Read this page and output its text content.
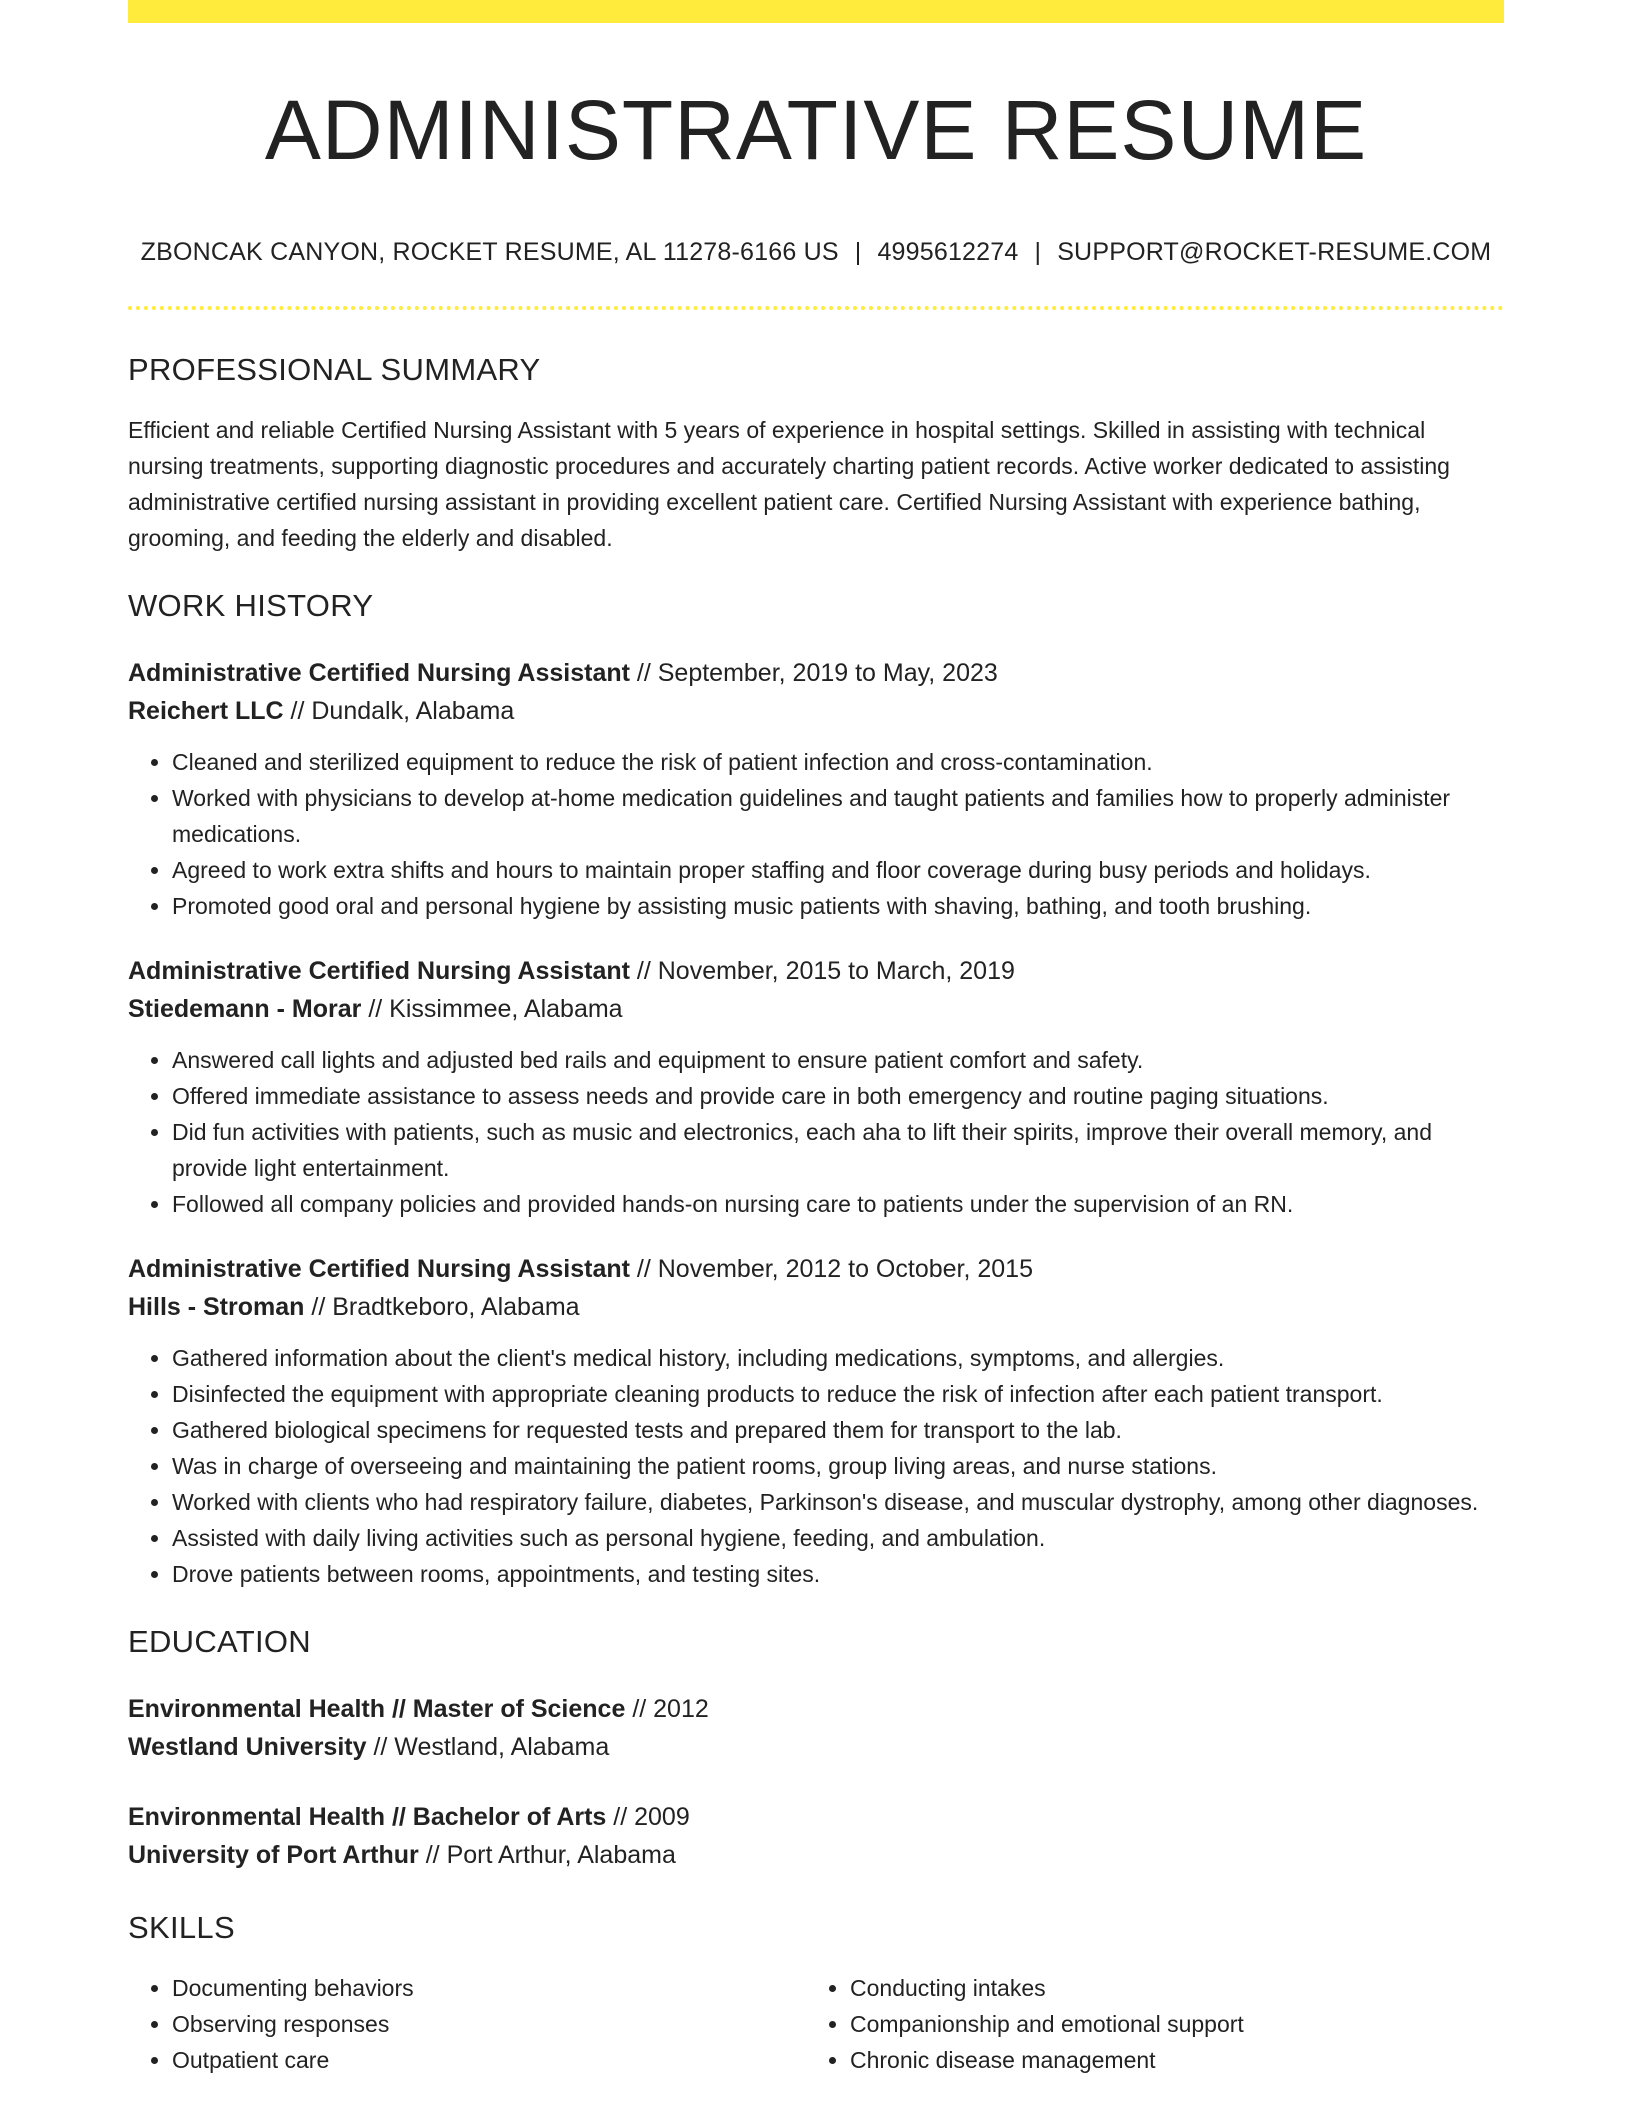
ADMINISTRATIVE RESUME
ZBONCAK CANYON, ROCKET RESUME, AL 11278-6166 US | 4995612274 | SUPPORT@ROCKET-RESUME.COM
PROFESSIONAL SUMMARY
Efficient and reliable Certified Nursing Assistant with 5 years of experience in hospital settings. Skilled in assisting with technical nursing treatments, supporting diagnostic procedures and accurately charting patient records. Active worker dedicated to assisting administrative certified nursing assistant in providing excellent patient care. Certified Nursing Assistant with experience bathing, grooming, and feeding the elderly and disabled.
WORK HISTORY
Administrative Certified Nursing Assistant // September, 2019 to May, 2023
Reichert LLC // Dundalk, Alabama
• Cleaned and sterilized equipment to reduce the risk of patient infection and cross-contamination.
• Worked with physicians to develop at-home medication guidelines and taught patients and families how to properly administer medications.
• Agreed to work extra shifts and hours to maintain proper staffing and floor coverage during busy periods and holidays.
• Promoted good oral and personal hygiene by assisting music patients with shaving, bathing, and tooth brushing.
Administrative Certified Nursing Assistant // November, 2015 to March, 2019
Stiedemann - Morar // Kissimmee, Alabama
• Answered call lights and adjusted bed rails and equipment to ensure patient comfort and safety.
• Offered immediate assistance to assess needs and provide care in both emergency and routine paging situations.
• Did fun activities with patients, such as music and electronics, each aha to lift their spirits, improve their overall memory, and provide light entertainment.
• Followed all company policies and provided hands-on nursing care to patients under the supervision of an RN.
Administrative Certified Nursing Assistant // November, 2012 to October, 2015
Hills - Stroman // Bradtkeboro, Alabama
• Gathered information about the client's medical history, including medications, symptoms, and allergies.
• Disinfected the equipment with appropriate cleaning products to reduce the risk of infection after each patient transport.
• Gathered biological specimens for requested tests and prepared them for transport to the lab.
• Was in charge of overseeing and maintaining the patient rooms, group living areas, and nurse stations.
• Worked with clients who had respiratory failure, diabetes, Parkinson's disease, and muscular dystrophy, among other diagnoses.
• Assisted with daily living activities such as personal hygiene, feeding, and ambulation.
• Drove patients between rooms, appointments, and testing sites.
EDUCATION
Environmental Health // Master of Science // 2012
Westland University // Westland, Alabama
Environmental Health // Bachelor of Arts // 2009
University of Port Arthur // Port Arthur, Alabama
SKILLS
• Documenting behaviors
• Observing responses
• Outpatient care
• Conducting intakes
• Companionship and emotional support
• Chronic disease management
